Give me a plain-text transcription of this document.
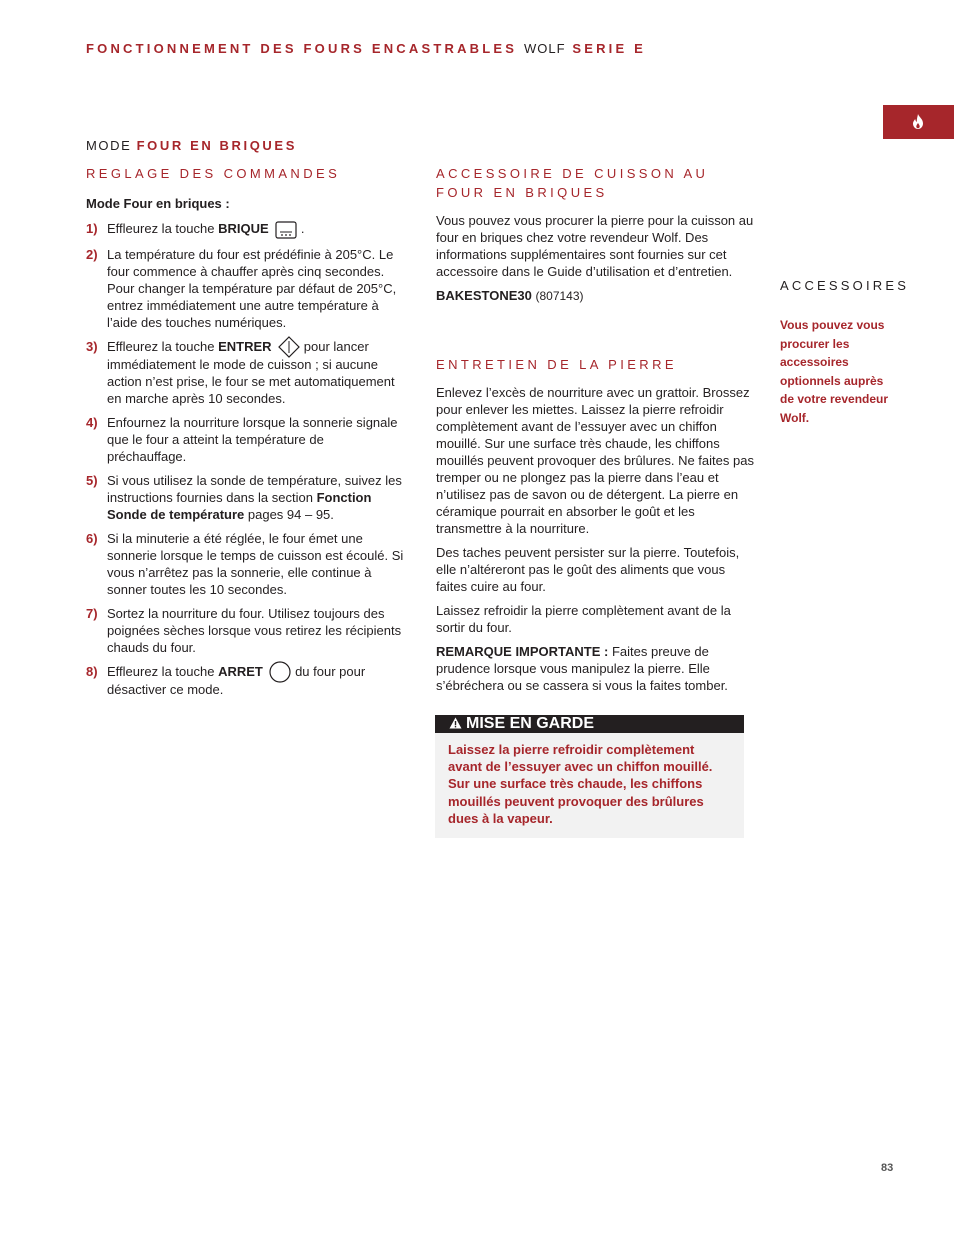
FONCTIONNEMENT DES FOURS ENCASTRABLES WOLF SERIE E
MODE FOUR EN BRIQUES
REGLAGE DES COMMANDES
Mode Four en briques :
1) Effleurez la touche BRIQUE  .
2) La température du four est prédéfinie à 205°C. Le four commence à chauffer après cinq secondes. Pour changer la température par défaut de 205°C, entrez immédiatement une autre température à l’aide des touches numériques.
3) Effleurez la touche ENTRER  pour lancer immédiatement le mode de cuisson ; si aucune action n’est prise, le four se met automatiquement en marche après 10 secondes.
4) Enfournez la nourriture lorsque la sonnerie signale que le four a atteint la température de préchauffage.
5) Si vous utilisez la sonde de température, suivez les instructions fournies dans la section Fonction Sonde de température pages 94 – 95.
6) Si la minuterie a été réglée, le four émet une sonnerie lorsque le temps de cuisson est écoulé. Si vous n’arrêtez pas la sonnerie, elle continue à sonner toutes les 10 secondes.
7) Sortez la nourriture du four. Utilisez toujours des poignées sèches lorsque vous retirez les récipients chauds du four.
8) Effleurez la touche ARRET  du four pour désactiver ce mode.
ACCESSOIRE DE CUISSON AU FOUR EN BRIQUES

Vous pouvez vous procurer la pierre pour la cuisson au four en briques chez votre revendeur Wolf. Des informations supplémentaires sont fournies sur cet accessoire dans le Guide d’utilisation et d’entretien.

BAKESTONE30 (807143)

ENTRETIEN DE LA PIERRE

Enlevez l’excès de nourriture avec un grattoir. Brossez pour enlever les miettes. Laissez la pierre refroidir complètement avant de l’essuyer avec un chiffon mouillé. Sur une surface très chaude, les chiffons mouillés peuvent provoquer des brûlures. Ne faites pas tremper ou ne plongez pas la pierre dans l’eau et n’utilisez pas de savon ou de détergent. La pierre en céramique pourrait en absorber le goût et les transmettre à la nourriture.

Des taches peuvent persister sur la pierre. Toutefois, elle n’altéreront pas le goût des aliments que vous faites cuire au four.

Laissez refroidir la pierre complètement avant de la sortir du four.

REMARQUE IMPORTANTE : Faites preuve de prudence lorsque vous manipulez la pierre. Elle s’ébréchera ou se cassera si vous la faites tomber.

MISE EN GARDE
Laissez la pierre refroidir complètement avant de l’essuyer avec un chiffon mouillé. Sur une surface très chaude, les chiffons mouillés peuvent provoquer des brûlures dues à la vapeur.
ACCESSOIRES
Vous pouvez vous procurer les accessoires optionnels auprès de votre revendeur Wolf.
83
